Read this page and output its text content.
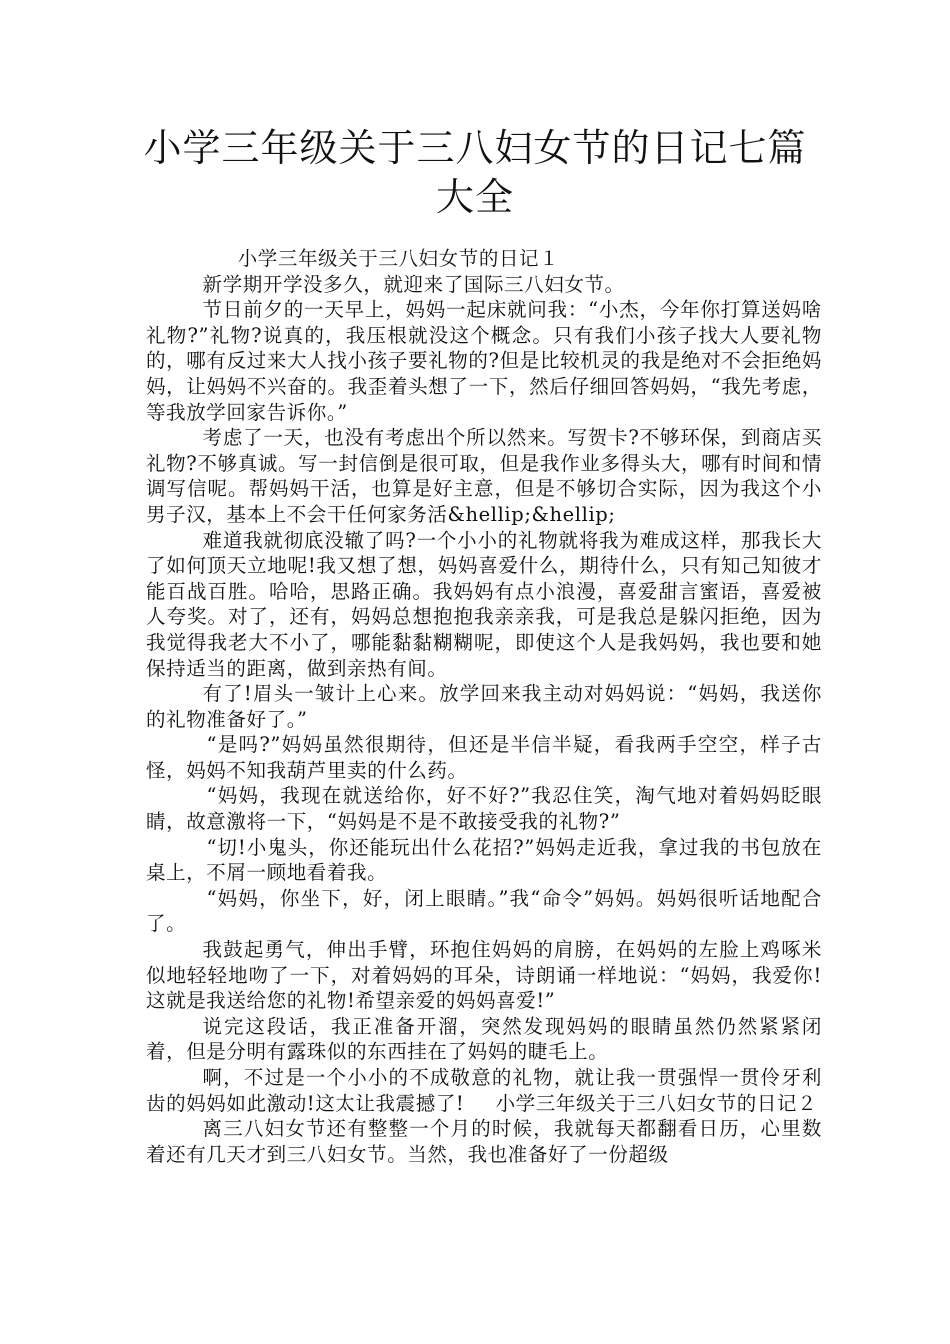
小学三年级关于三八妇女节的日记七篇大全

小学三年级关于三八妇女节的日记１

新学期开学没多久，就迎来了国际三八妇女节。

节日前夕的一天早上，妈妈一起床就问我：“小杰，今年你打算送妈啥礼物?”礼物?说真的，我压根就没这个概念。只有我们小孩子找大人要礼物的，哪有反过来大人找小孩子要礼物的?但是比较机灵的我是绝对不会拒绝妈妈，让妈妈不兴奋的。我歪着头想了一下，然后仔细回答妈妈，“我先考虑，等我放学回家告诉你。”

考虑了一天，也没有考虑出个所以然来。写贺卡?不够环保，到商店买礼物?不够真诚。写一封信倒是很可取，但是我作业多得头大，哪有时间和情调写信呢。帮妈妈干活，也算是好主意，但是不够切合实际，因为我这个小男子汉，基本上不会干任何家务活&hellip;&hellip;

难道我就彻底没辙了吗?一个小小的礼物就将我为难成这样，那我长大了如何顶天立地呢!我又想了想，妈妈喜爱什么，期待什么，只有知己知彼才能百战百胜。哈哈，思路正确。我妈妈有点小浪漫，喜爱甜言蜜语，喜爱被人夸奖。对了，还有，妈妈总想抱抱我亲亲我，可是我总是躲闪拒绝，因为我觉得我老大不小了，哪能黏黏糊糊呢，即使这个人是我妈妈，我也要和她保持适当的距离，做到亲热有间。

有了!眉头一皱计上心来。放学回来我主动对妈妈说：“妈妈，我送你的礼物准备好了。”

“是吗?”妈妈虽然很期待，但还是半信半疑，看我两手空空，样子古怪，妈妈不知我葫芦里卖的什么药。

“妈妈，我现在就送给你，好不好?”我忍住笑，淘气地对着妈妈眨眼睛，故意激将一下，“妈妈是不是不敢接受我的礼物?”

“切!小鬼头，你还能玩出什么花招?”妈妈走近我，拿过我的书包放在桌上，不屑一顾地看着我。

“妈妈，你坐下，好，闭上眼睛。”我“命令”妈妈。妈妈很听话地配合了。

我鼓起勇气，伸出手臂，环抱住妈妈的肩膀，在妈妈的左脸上鸡啄米似地轻轻地吻了一下，对着妈妈的耳朵，诗朗诵一样地说：“妈妈，我爱你!这就是我送给您的礼物!希望亲爱的妈妈喜爱!”

说完这段话，我正准备开溜，突然发现妈妈的眼睛虽然仍然紧紧闭着，但是分明有露珠似的东西挂在了妈妈的睫毛上。

啊，不过是一个小小的不成敬意的礼物，就让我一贯强悍一贯伶牙利齿的妈妈如此激动!这太让我震撼了! 小学三年级关于三八妇女节的日记２

离三八妇女节还有整整一个月的时候，我就每天都翻看日历，心里数着还有几天才到三八妇女节。当然，我也准备好了一份超级
